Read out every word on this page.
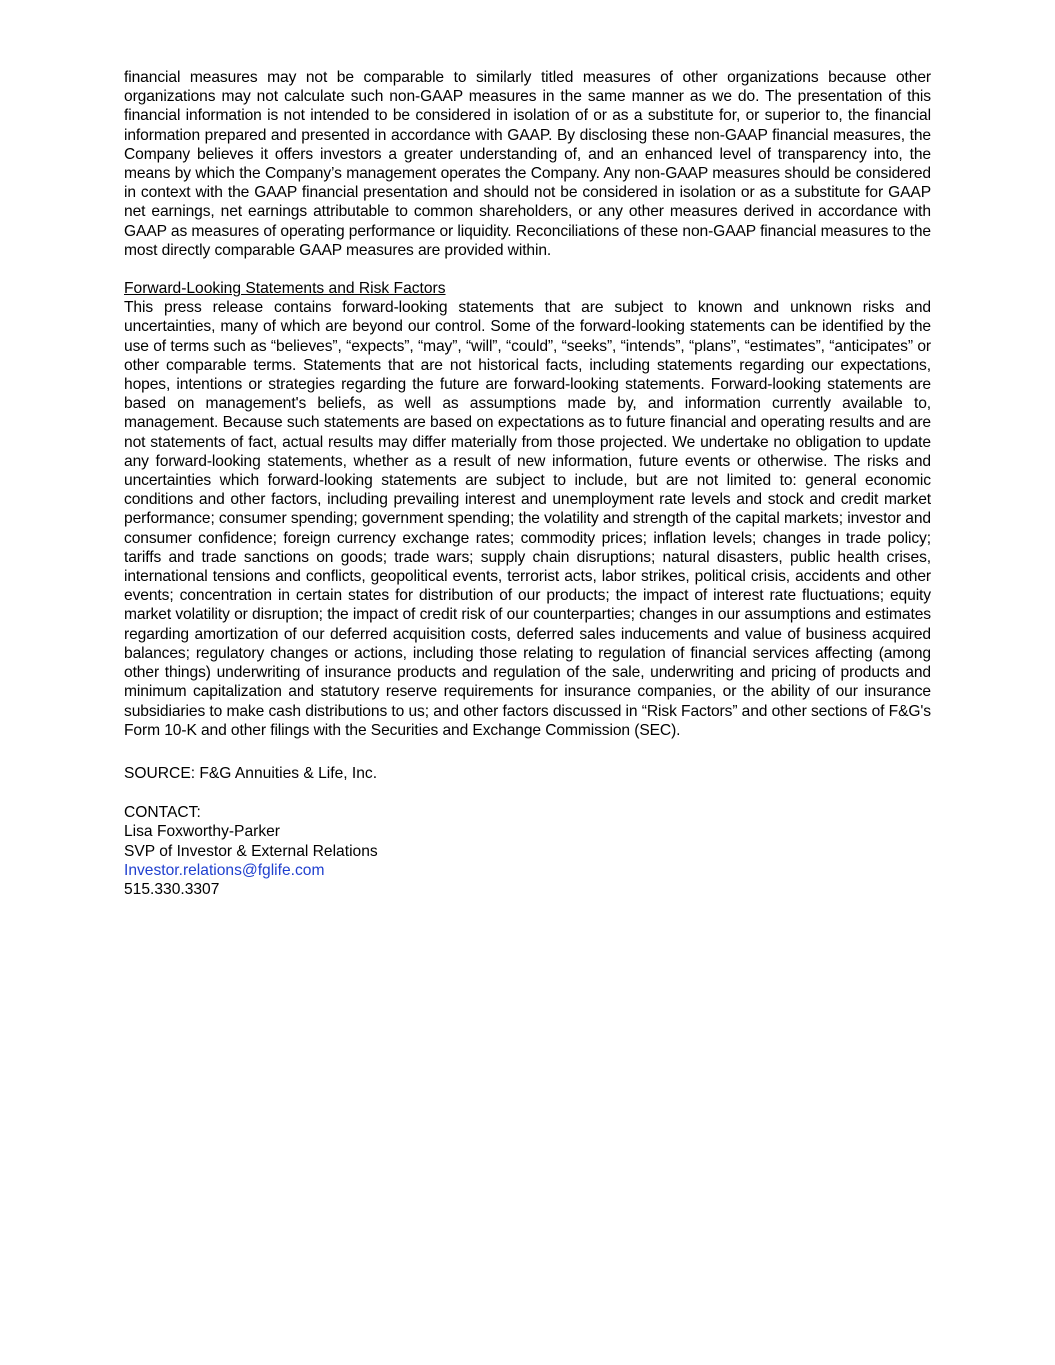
financial measures may not be comparable to similarly titled measures of other organizations because other organizations may not calculate such non-GAAP measures in the same manner as we do. The presentation of this financial information is not intended to be considered in isolation of or as a substitute for, or superior to, the financial information prepared and presented in accordance with GAAP. By disclosing these non-GAAP financial measures, the Company believes it offers investors a greater understanding of, and an enhanced level of transparency into, the means by which the Company’s management operates the Company. Any non-GAAP measures should be considered in context with the GAAP financial presentation and should not be considered in isolation or as a substitute for GAAP net earnings, net earnings attributable to common shareholders, or any other measures derived in accordance with GAAP as measures of operating performance or liquidity. Reconciliations of these non-GAAP financial measures to the most directly comparable GAAP measures are provided within.

Forward-Looking Statements and Risk Factors

This press release contains forward-looking statements that are subject to known and unknown risks and uncertainties, many of which are beyond our control. Some of the forward-looking statements can be identified by the use of terms such as “believes”, “expects”, “may”, “will”, “could”, “seeks”, “intends”, “plans”, “estimates”, “anticipates” or other comparable terms. Statements that are not historical facts, including statements regarding our expectations, hopes, intentions or strategies regarding the future are forward-looking statements. Forward-looking statements are based on management's beliefs, as well as assumptions made by, and information currently available to, management. Because such statements are based on expectations as to future financial and operating results and are not statements of fact, actual results may differ materially from those projected. We undertake no obligation to update any forward-looking statements, whether as a result of new information, future events or otherwise. The risks and uncertainties which forward-looking statements are subject to include, but are not limited to: general economic conditions and other factors, including prevailing interest and unemployment rate levels and stock and credit market performance; consumer spending; government spending; the volatility and strength of the capital markets; investor and consumer confidence; foreign currency exchange rates; commodity prices; inflation levels; changes in trade policy; tariffs and trade sanctions on goods; trade wars; supply chain disruptions; natural disasters, public health crises, international tensions and conflicts, geopolitical events, terrorist acts, labor strikes, political crisis, accidents and other events; concentration in certain states for distribution of our products; the impact of interest rate fluctuations; equity market volatility or disruption; the impact of credit risk of our counterparties; changes in our assumptions and estimates regarding amortization of our deferred acquisition costs, deferred sales inducements and value of business acquired balances; regulatory changes or actions, including those relating to regulation of financial services affecting (among other things) underwriting of insurance products and regulation of the sale, underwriting and pricing of products and minimum capitalization and statutory reserve requirements for insurance companies, or the ability of our insurance subsidiaries to make cash distributions to us; and other factors discussed in “Risk Factors” and other sections of F&G's Form 10-K and other filings with the Securities and Exchange Commission (SEC).

SOURCE: F&G Annuities & Life, Inc.

CONTACT:

Lisa Foxworthy-Parker

SVP of Investor & External Relations

Investor.relations@fglife.com

515.330.3307
